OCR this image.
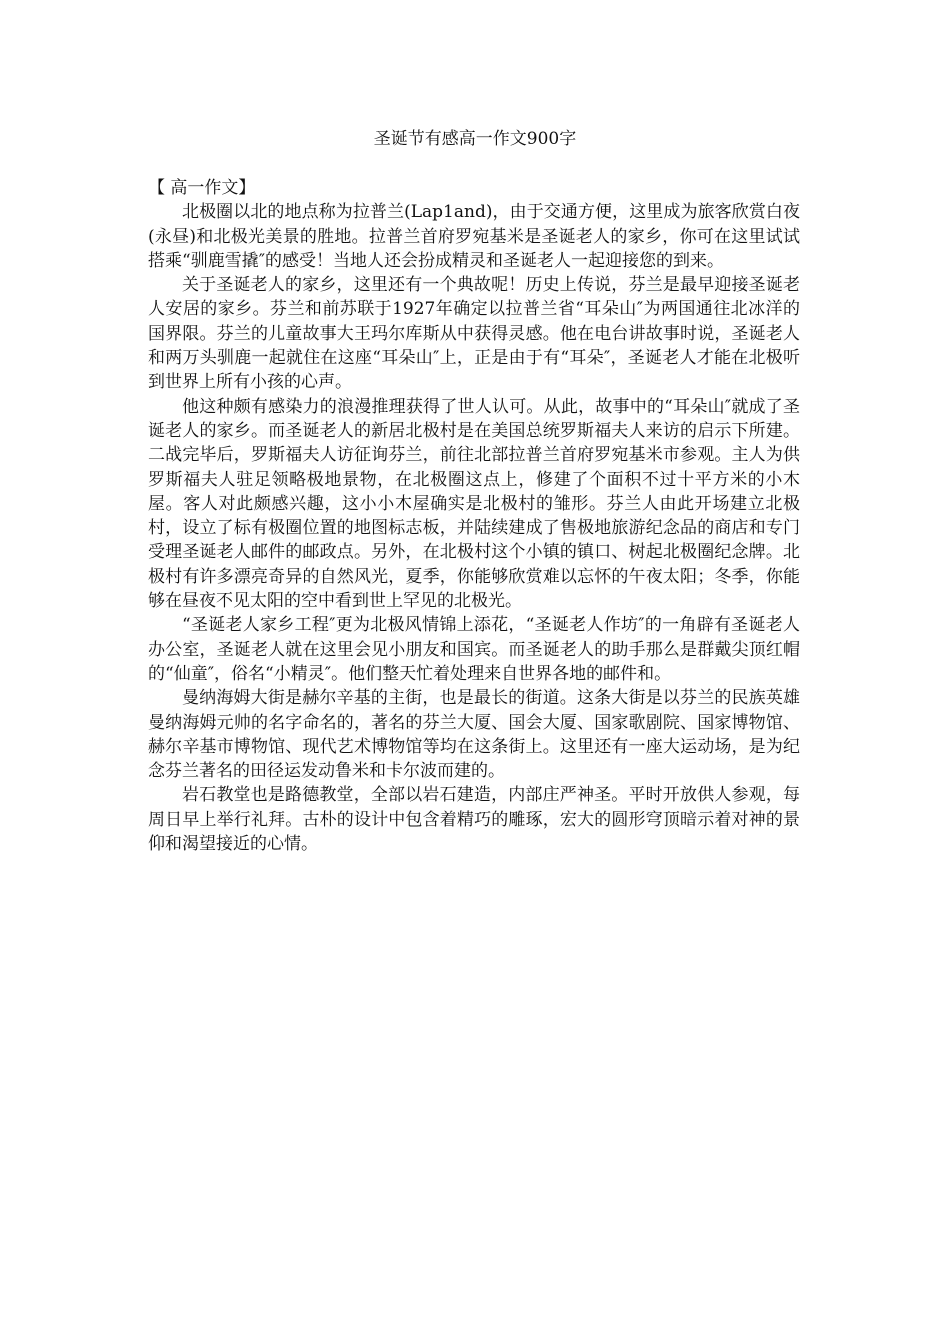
圣诞节有感高一作文900字

【 高一作文】

北极圈以北的地点称为拉普兰(Lap1and)，由于交通方便，这里成为旅客欣赏白夜(永昼)和北极光美景的胜地。拉普兰首府罗宛基米是圣诞老人的家乡，你可在这里试试搭乘“驯鹿雪撬″的感受！当地人还会扮成精灵和圣诞老人一起迎接您的到来。

关于圣诞老人的家乡，这里还有一个典故呢！历史上传说，芬兰是最早迎接圣诞老人安居的家乡。芬兰和前苏联于1927年确定以拉普兰省“耳朵山″为两国通往北冰洋的国界限。芬兰的儿童故事大王玛尔库斯从中获得灵感。他在电台讲故事时说，圣诞老人和两万头驯鹿一起就住在这座“耳朵山″上，正是由于有“耳朵″，圣诞老人才能在北极听到世界上所有小孩的心声。

他这种颇有感染力的浪漫推理获得了世人认可。从此，故事中的“耳朵山″就成了圣诞老人的家乡。而圣诞老人的新居北极村是在美国总统罗斯福夫人来访的启示下所建。二战完毕后，罗斯福夫人访征询芬兰，前往北部拉普兰首府罗宛基米市参观。主人为供罗斯福夫人驻足领略极地景物，在北极圈这点上，修建了个面积不过十平方米的小木屋。客人对此颇感兴趣，这小小木屋确实是北极村的雏形。芬兰人由此开场建立北极村，设立了标有极圈位置的地图标志板，并陆续建成了售极地旅游纪念品的商店和专门受理圣诞老人邮件的邮政点。另外，在北极村这个小镇的镇口、树起北极圈纪念牌。北极村有许多漂亮奇异的自然风光，夏季，你能够欣赏难以忘怀的午夜太阳；冬季，你能够在昼夜不见太阳的空中看到世上罕见的北极光。

“圣诞老人家乡工程″更为北极风情锦上添花，“圣诞老人作坊″的一角辟有圣诞老人办公室，圣诞老人就在这里会见小朋友和国宾。而圣诞老人的助手那么是群戴尖顶红帽的“仙童″，俗名“小精灵″。他们整天忙着处理来自世界各地的邮件和。

曼纳海姆大街是赫尔辛基的主街，也是最长的街道。这条大街是以芬兰的民族英雄曼纳海姆元帅的名字命名的，著名的芬兰大厦、国会大厦、国家歌剧院、国家博物馆、赫尔辛基市博物馆、现代艺术博物馆等均在这条街上。这里还有一座大运动场，是为纪念芬兰著名的田径运发动鲁米和卡尔波而建的。

岩石教堂也是路德教堂，全部以岩石建造，内部庄严神圣。平时开放供人参观，每周日早上举行礼拜。古朴的设计中包含着精巧的雕琢，宏大的圆形穹顶暗示着对神的景仰和渴望接近的心情。
